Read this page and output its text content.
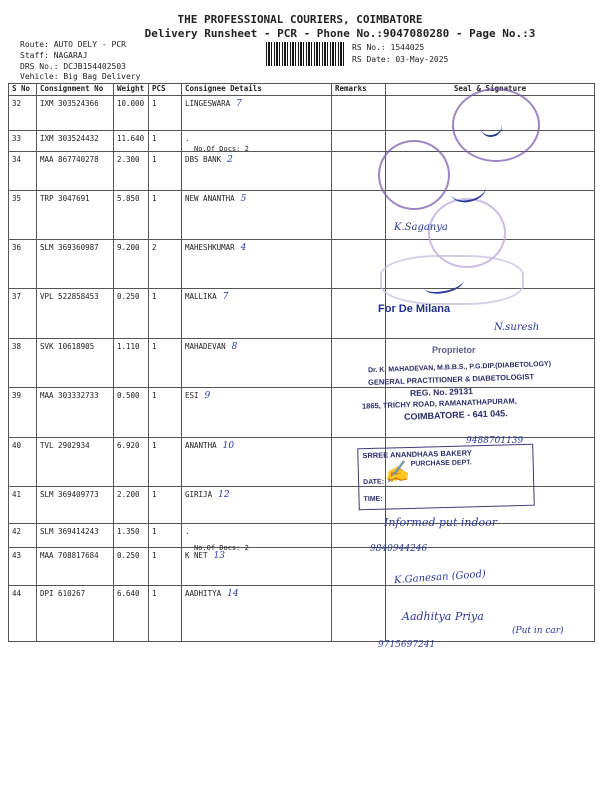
THE PROFESSIONAL COURIERS, COIMBATORE
Delivery Runsheet - PCR - Phone No.:9047080280 - Page No.:3
Route: AUTO DELY - PCR
Staff: NAGARAJ
DRS No.: DCJB154402503
Vehicle: Big Bag Delivery
RS No.: 1544025
RS Date: 03-May-2025
S No	Consignment No	Weight	PCS	Consignee Details	Remarks	Seal & Signature
32	IXM 303524366	10.000	1	LINGESWARA 7		
33	IXM 303524432	11.640	1	.		
34	MAA 867740278	2.300	1	DBS BANK 2		
35	TRP 3047691	5.850	1	NEW ANANTHA 5		
36	SLM 369360987	9.200	2	MAHESHKUMAR 4		
37	VPL 522858453	0.250	1	MALLIKA 7		
38	SVK 10618905	1.110	1	MAHADEVAN 8		
39	MAA 303332733	0.500	1	ESI 9		
40	TVL 2902934	6.920	1	ANANTHA 10		
41	SLM 369409773	2.200	1	GIRIJA 12		
42	SLM 369414243	1.350	1	.		
43	MAA 708817684	0.250	1	K NET 13		
44	DPI 610267	6.640	1	AADHITYA 14		
No.Of Docs: 2
No.Of Docs: 2
For De Milana
Proprietor
Dr. K. MAHADEVAN, M.B.B.S., P.G.DIP.(DIABETOLOGY)
GENERAL PRACTITIONER & DIABETOLOGIST
REG. No. 29131
1865, TRICHY ROAD, RAMANATHAPURAM,
COIMBATORE - 641 045.
SRREE ANANDHAAS BAKERY
PURCHASE DEPT.
DATE:
TIME:
K.Saganya
N.suresh
9488701139
✍
Informed put indoor
9840944246
K.Ganesan (Good)
Aadhitya Priya
(Put in car)
9715697241
